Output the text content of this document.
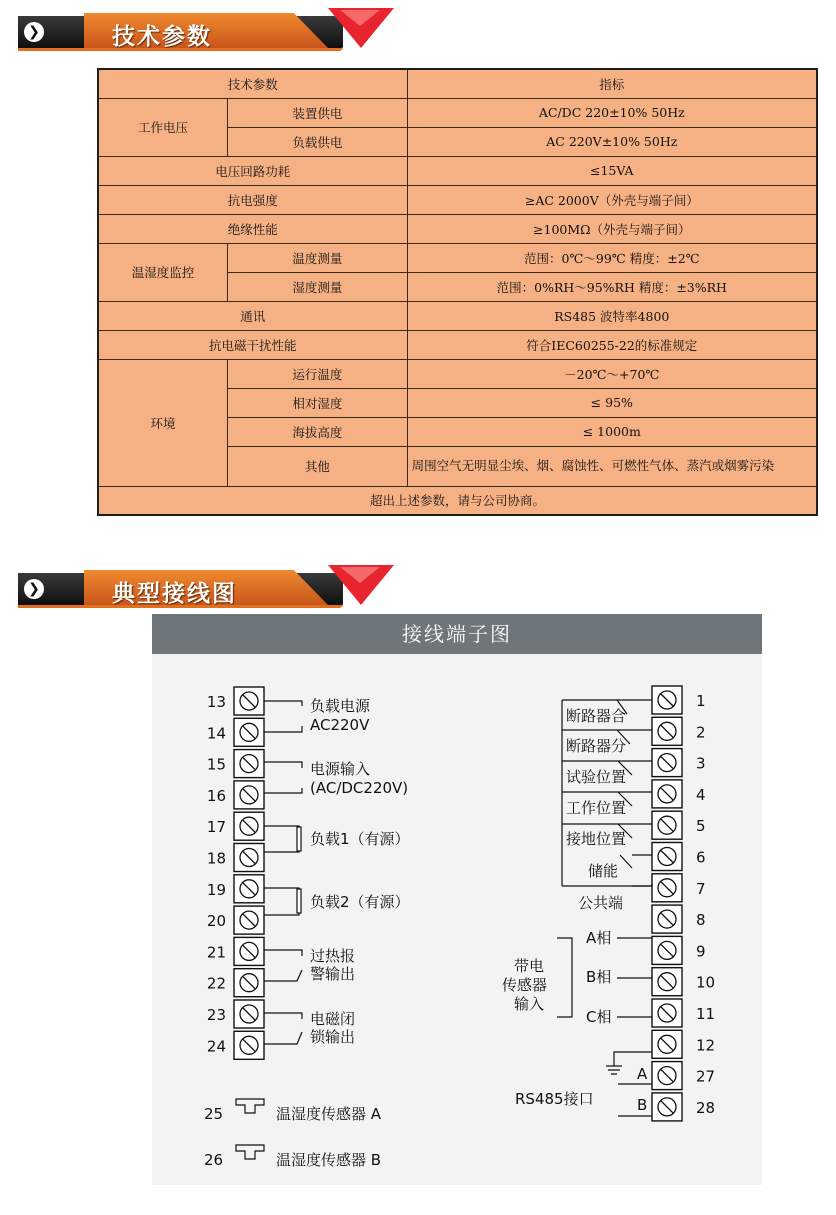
❯	技术参数
技术参数		指标
工作电压	装置供电	AC/DC 220±10% 50Hz
	负载供电	AC 220V±10% 50Hz
电压回路功耗		≤15VA
抗电强度		≥AC 2000V（外壳与端子间）
绝缘性能		≥100MΩ（外壳与端子间）
温湿度监控	温度测量	范围：0℃～99℃ 精度：±2℃
	湿度测量	范围：0%RH～95%RH 精度：±3%RH
通讯		RS485 波特率4800
抗电磁干扰性能		符合IEC60255-22的标准规定
环境	运行温度	－20℃～+70℃
	相对湿度	≤ 95%
	海拔高度	≤ 1000m
	其他	周围空气无明显尘埃、烟、腐蚀性、可燃性气体、蒸汽或烟雾污染
超出上述参数，请与公司协商。		
❯	典型接线图
接线端子图
13
14
15
16
17
18
19
20
21
22
23
24
1
2
3
4
5
6
7
8
9
10
11
12
27
28
负载电源
AC220V
电源输入
(AC/DC220V)
负载1（有源）
负载2（有源）
过热报
警输出
电磁闭
锁输出
25	温湿度传感器 A
26	温湿度传感器 B
断路器合
断路器分
试验位置
工作位置
接地位置
储能
公共端
带电
传感器
输入
A相
B相
C相
A
B
RS485接口
